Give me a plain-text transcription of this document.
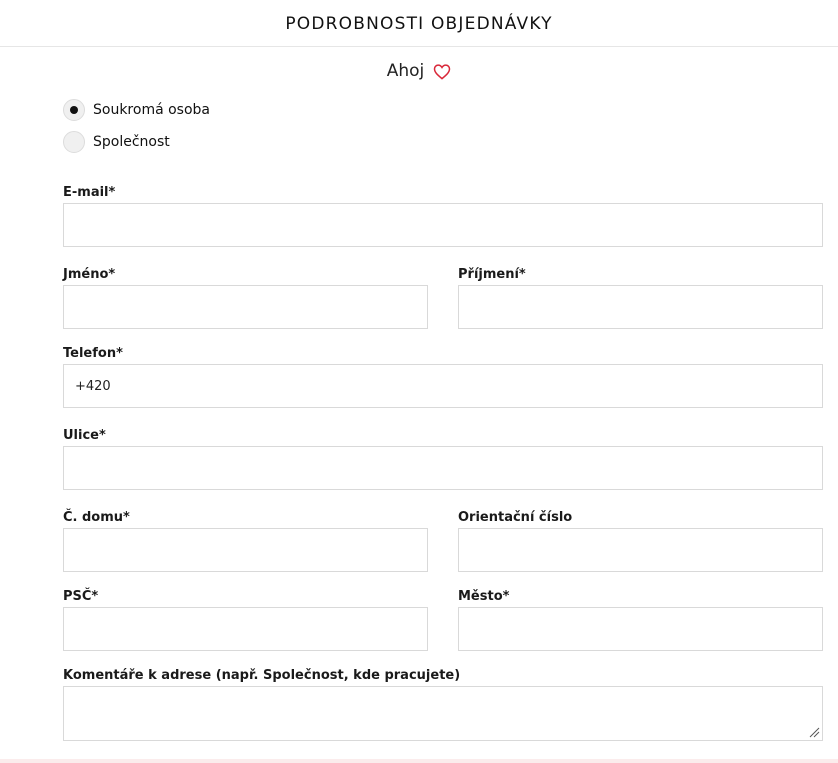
PODROBNOSTI OBJEDNÁVKY
Ahoj
Soukromá osoba
Společnost
E-mail*
Jméno*	Příjmení*
Telefon*
+420
Ulice*
Č. domu*	Orientační číslo
PSČ*	Město*
Komentáře k adrese (např. Společnost, kde pracujete)
